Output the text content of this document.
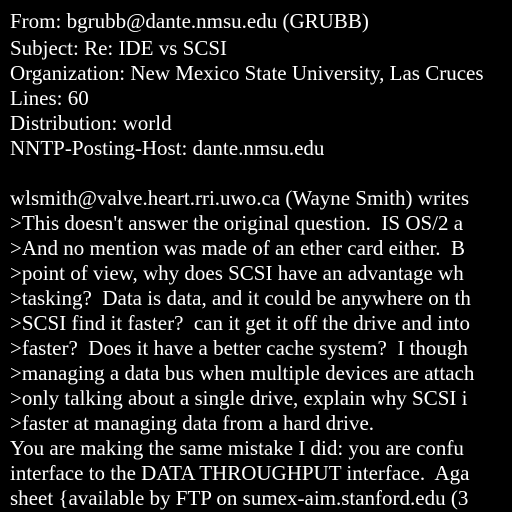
From: bgrubb@dante.nmsu.edu (GRUBB)
Subject: Re: IDE vs SCSI
Organization: New Mexico State University, Las Cruces
Lines: 60
Distribution: world
NNTP-Posting-Host: dante.nmsu.edu
wlsmith@valve.heart.rri.uwo.ca (Wayne Smith) writes
>This doesn't answer the original question.  IS OS/2 a
>And no mention was made of an ether card either.  B
>point of view, why does SCSI have an advantage wh
>tasking?  Data is data, and it could be anywhere on th
>SCSI find it faster?  can it get it off the drive and into
>faster?  Does it have a better cache system?  I though
>managing a data bus when multiple devices are attach
>only talking about a single drive, explain why SCSI i
>faster at managing data from a hard drive.
You are making the same mistake I did: you are confu
interface to the DATA THROUGHPUT interface.  Aga
sheet {available by FTP on sumex-aim.stanford.edu (3
